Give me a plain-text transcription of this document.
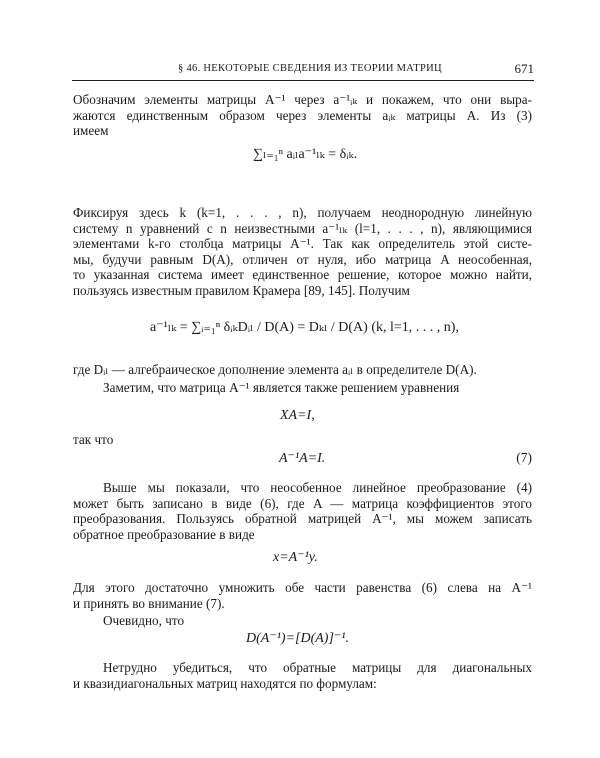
§ 46. НЕКОТОРЫЕ СВЕДЕНИЯ ИЗ ТЕОРИИ МАТРИЦ	671
Обозначим элементы матрицы A⁻¹ через a⁻¹ᵢₖ и покажем, что они выра-
жаются единственным образом через элементы aᵢₖ матрицы A. Из (3)
имеем
∑ₗ₌₁ⁿ aᵢₗa⁻¹ₗₖ = δᵢₖ.
Фиксируя здесь k (k=1, . . . , n), получаем неоднородную линейную
систему n уравнений с n неизвестными a⁻¹ₗₖ (l=1, . . . , n), являющимися
элементами k-го столбца матрицы A⁻¹. Так как определитель этой систе-
мы, будучи равным D(A), отличен от нуля, ибо матрица A неособенная,
то указанная система имеет единственное решение, которое можно найти,
пользуясь известным правилом Крамера [89, 145]. Получим
a⁻¹ₗₖ = ∑ᵢ₌₁ⁿ δᵢₖDᵢₗ / D(A) = Dₖₗ / D(A) (k, l=1, . . . , n),
где Dᵢₗ — алгебраическое дополнение элемента aᵢₗ в определителе D(A).
Заметим, что матрица A⁻¹ является также решением уравнения
XA=I,
так что
A⁻¹A=I.	(7)
Выше мы показали, что неособенное линейное преобразование (4)
может быть записано в виде (6), где A — матрица коэффициентов этого
преобразования. Пользуясь обратной матрицей A⁻¹, мы можем записать
обратное преобразование в виде
x=A⁻¹y.
Для этого достаточно умножить обе части равенства (6) слева на A⁻¹
и принять во внимание (7).
Очевидно, что
D(A⁻¹)=[D(A)]⁻¹.
Нетрудно убедиться, что обратные матрицы для диагональных
и квазидиагональных матриц находятся по формулам:
